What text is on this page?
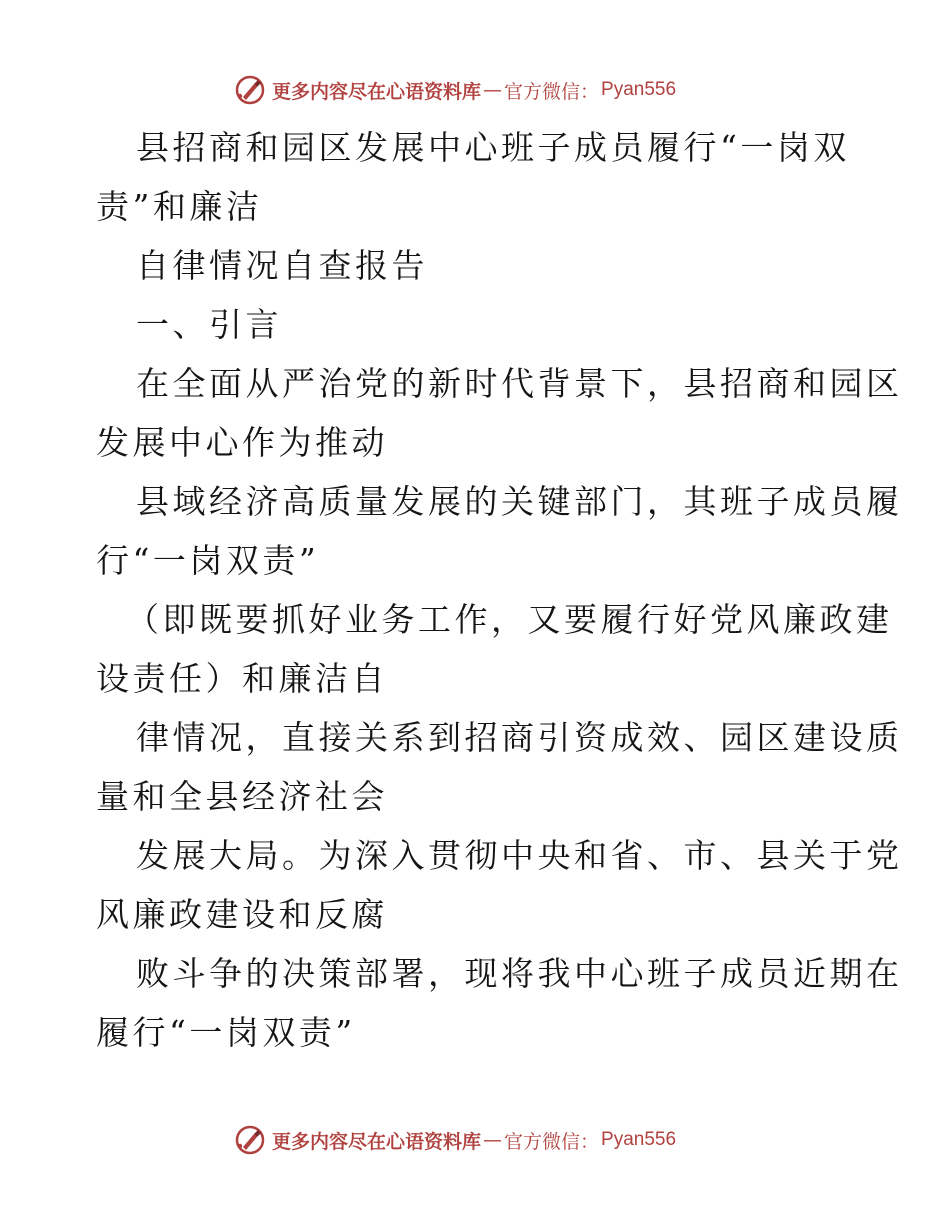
更多内容尽在心语资料库 — 官方微信： Pyan556
县招商和园区发展中心班子成员履行“一岗双
责”和廉洁
自律情况自查报告
一、引言
在全面从严治党的新时代背景下，县招商和园区
发展中心作为推动
县域经济高质量发展的关键部门，其班子成员履
行“一岗双责”
（即既要抓好业务工作，又要履行好党风廉政建
设责任）和廉洁自
律情况，直接关系到招商引资成效、园区建设质
量和全县经济社会
发展大局。为深入贯彻中央和省、市、县关于党
风廉政建设和反腐
败斗争的决策部署，现将我中心班子成员近期在
履行“一岗双责”
更多内容尽在心语资料库 — 官方微信： Pyan556
